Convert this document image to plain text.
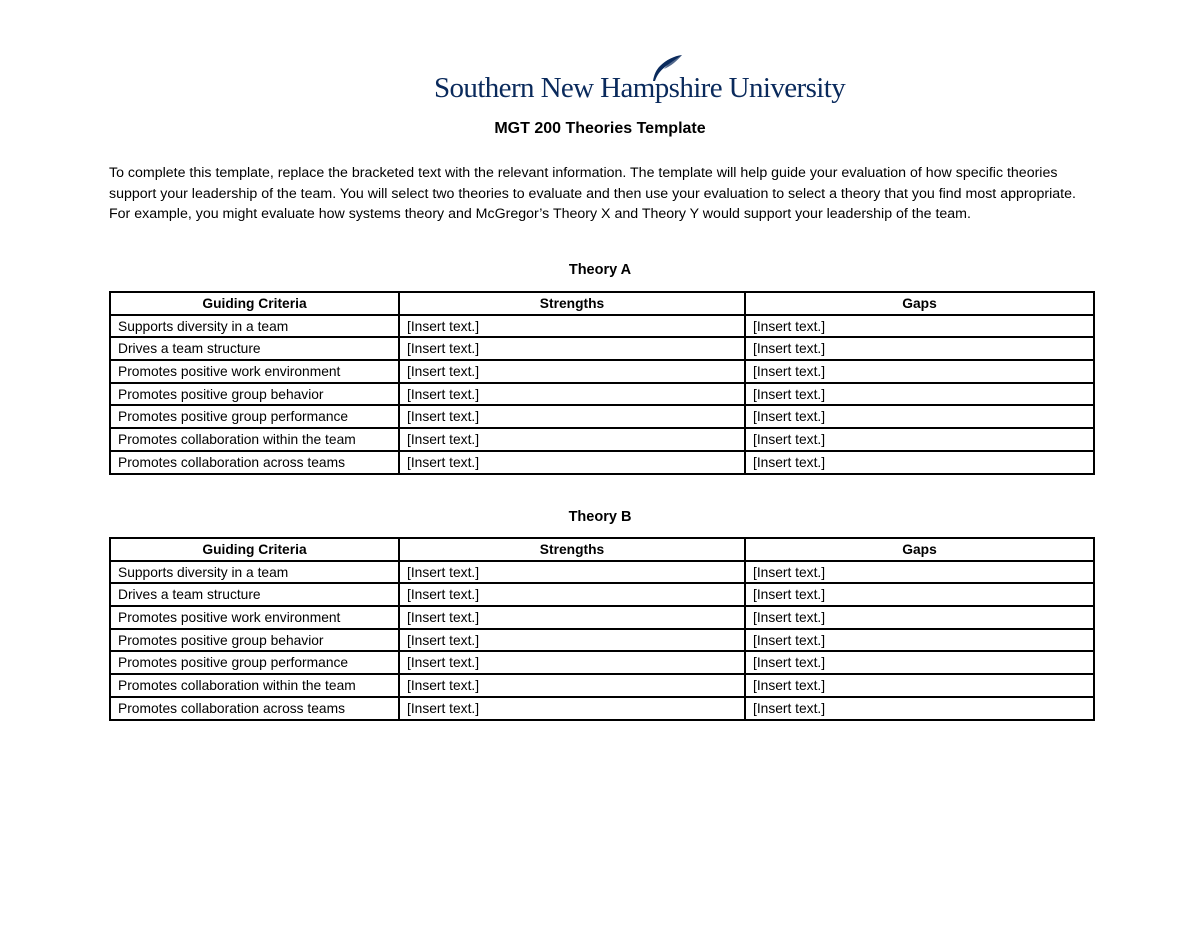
Southern New Hampshire University
MGT 200 Theories Template
To complete this template, replace the bracketed text with the relevant information. The template will help guide your evaluation of how specific theories support your leadership of the team. You will select two theories to evaluate and then use your evaluation to select a theory that you find most appropriate. For example, you might evaluate how systems theory and McGregor’s Theory X and Theory Y would support your leadership of the team.
Theory A
Guiding Criteria	Strengths	Gaps
Supports diversity in a team	[Insert text.]	[Insert text.]
Drives a team structure	[Insert text.]	[Insert text.]
Promotes positive work environment	[Insert text.]	[Insert text.]
Promotes positive group behavior	[Insert text.]	[Insert text.]
Promotes positive group performance	[Insert text.]	[Insert text.]
Promotes collaboration within the team	[Insert text.]	[Insert text.]
Promotes collaboration across teams	[Insert text.]	[Insert text.]
Theory B
Guiding Criteria	Strengths	Gaps
Supports diversity in a team	[Insert text.]	[Insert text.]
Drives a team structure	[Insert text.]	[Insert text.]
Promotes positive work environment	[Insert text.]	[Insert text.]
Promotes positive group behavior	[Insert text.]	[Insert text.]
Promotes positive group performance	[Insert text.]	[Insert text.]
Promotes collaboration within the team	[Insert text.]	[Insert text.]
Promotes collaboration across teams	[Insert text.]	[Insert text.]
